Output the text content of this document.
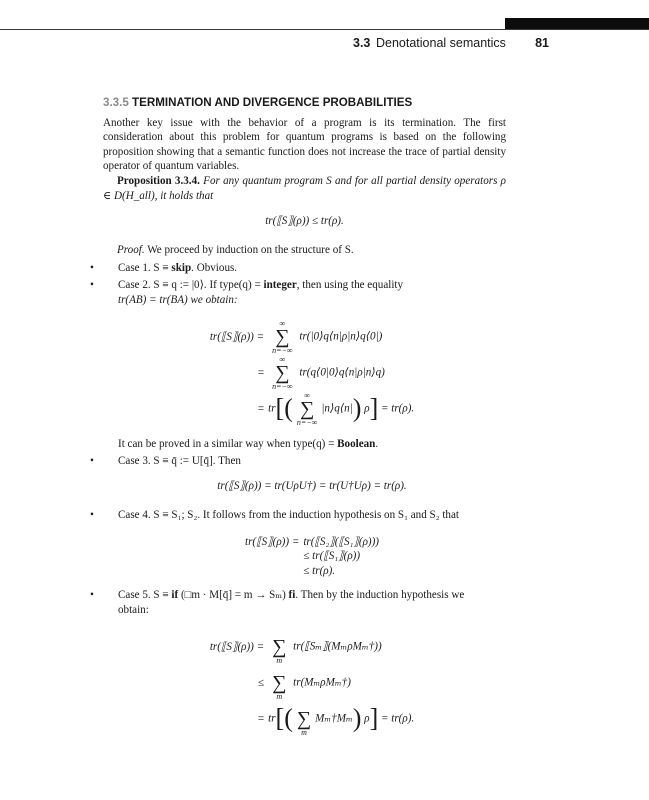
3.3 Denotational semantics 81
3.3.5 TERMINATION AND DIVERGENCE PROBABILITIES

Another key issue with the behavior of a program is its termination. The first consideration about this problem for quantum programs is based on the following proposition showing that a semantic function does not increase the trace of partial density operator of quantum variables.

Proposition 3.3.4. For any quantum program S and for all partial density operators ρ ∈ D(H_all), it holds that

tr(⟦S⟧(ρ)) ≤ tr(ρ).

Proof. We proceed by induction on the structure of S.

• Case 1. S ≡ skip. Obvious.
• Case 2. S ≡ q := |0⟩. If type(q) = integer, then using the equality
tr(AB) = tr(BA) we obtain:
tr(⟦S⟧(ρ)) =
∞
∑
n=−∞
tr(|0⟩q⟨n|ρ|n⟩q⟨0|)
=
∞
∑
n=−∞
tr(q⟨0|0⟩q⟨n|ρ|n⟩q)
= tr[( ∞
∑
n=−∞
|n⟩q⟨n|) ρ] = tr(ρ).
It can be proved in a similar way when type(q) = Boolean.
• Case 3. S ≡ q̄ := U[q̄]. Then
tr(⟦S⟧(ρ)) = tr(UρU†) = tr(U†Uρ) = tr(ρ).
• Case 4. S ≡ S₁; S₂. It follows from the induction hypothesis on S₁ and S₂ that
tr(⟦S⟧(ρ)) = tr(⟦S₂⟧(⟦S₁⟧(ρ)))
≤ tr(⟦S₁⟧(ρ))
≤ tr(ρ).
• Case 5. S ≡ if (□m · M[q̄] = m → Sₘ) fi. Then by the induction hypothesis we
obtain:
tr(⟦S⟧(ρ)) =
∑
m
tr(⟦Sₘ⟧(MₘρMₘ†))
≤
∑
m
tr(MₘρMₘ†)
= tr[(
∑
m
Mₘ†Mₘ) ρ] = tr(ρ).
